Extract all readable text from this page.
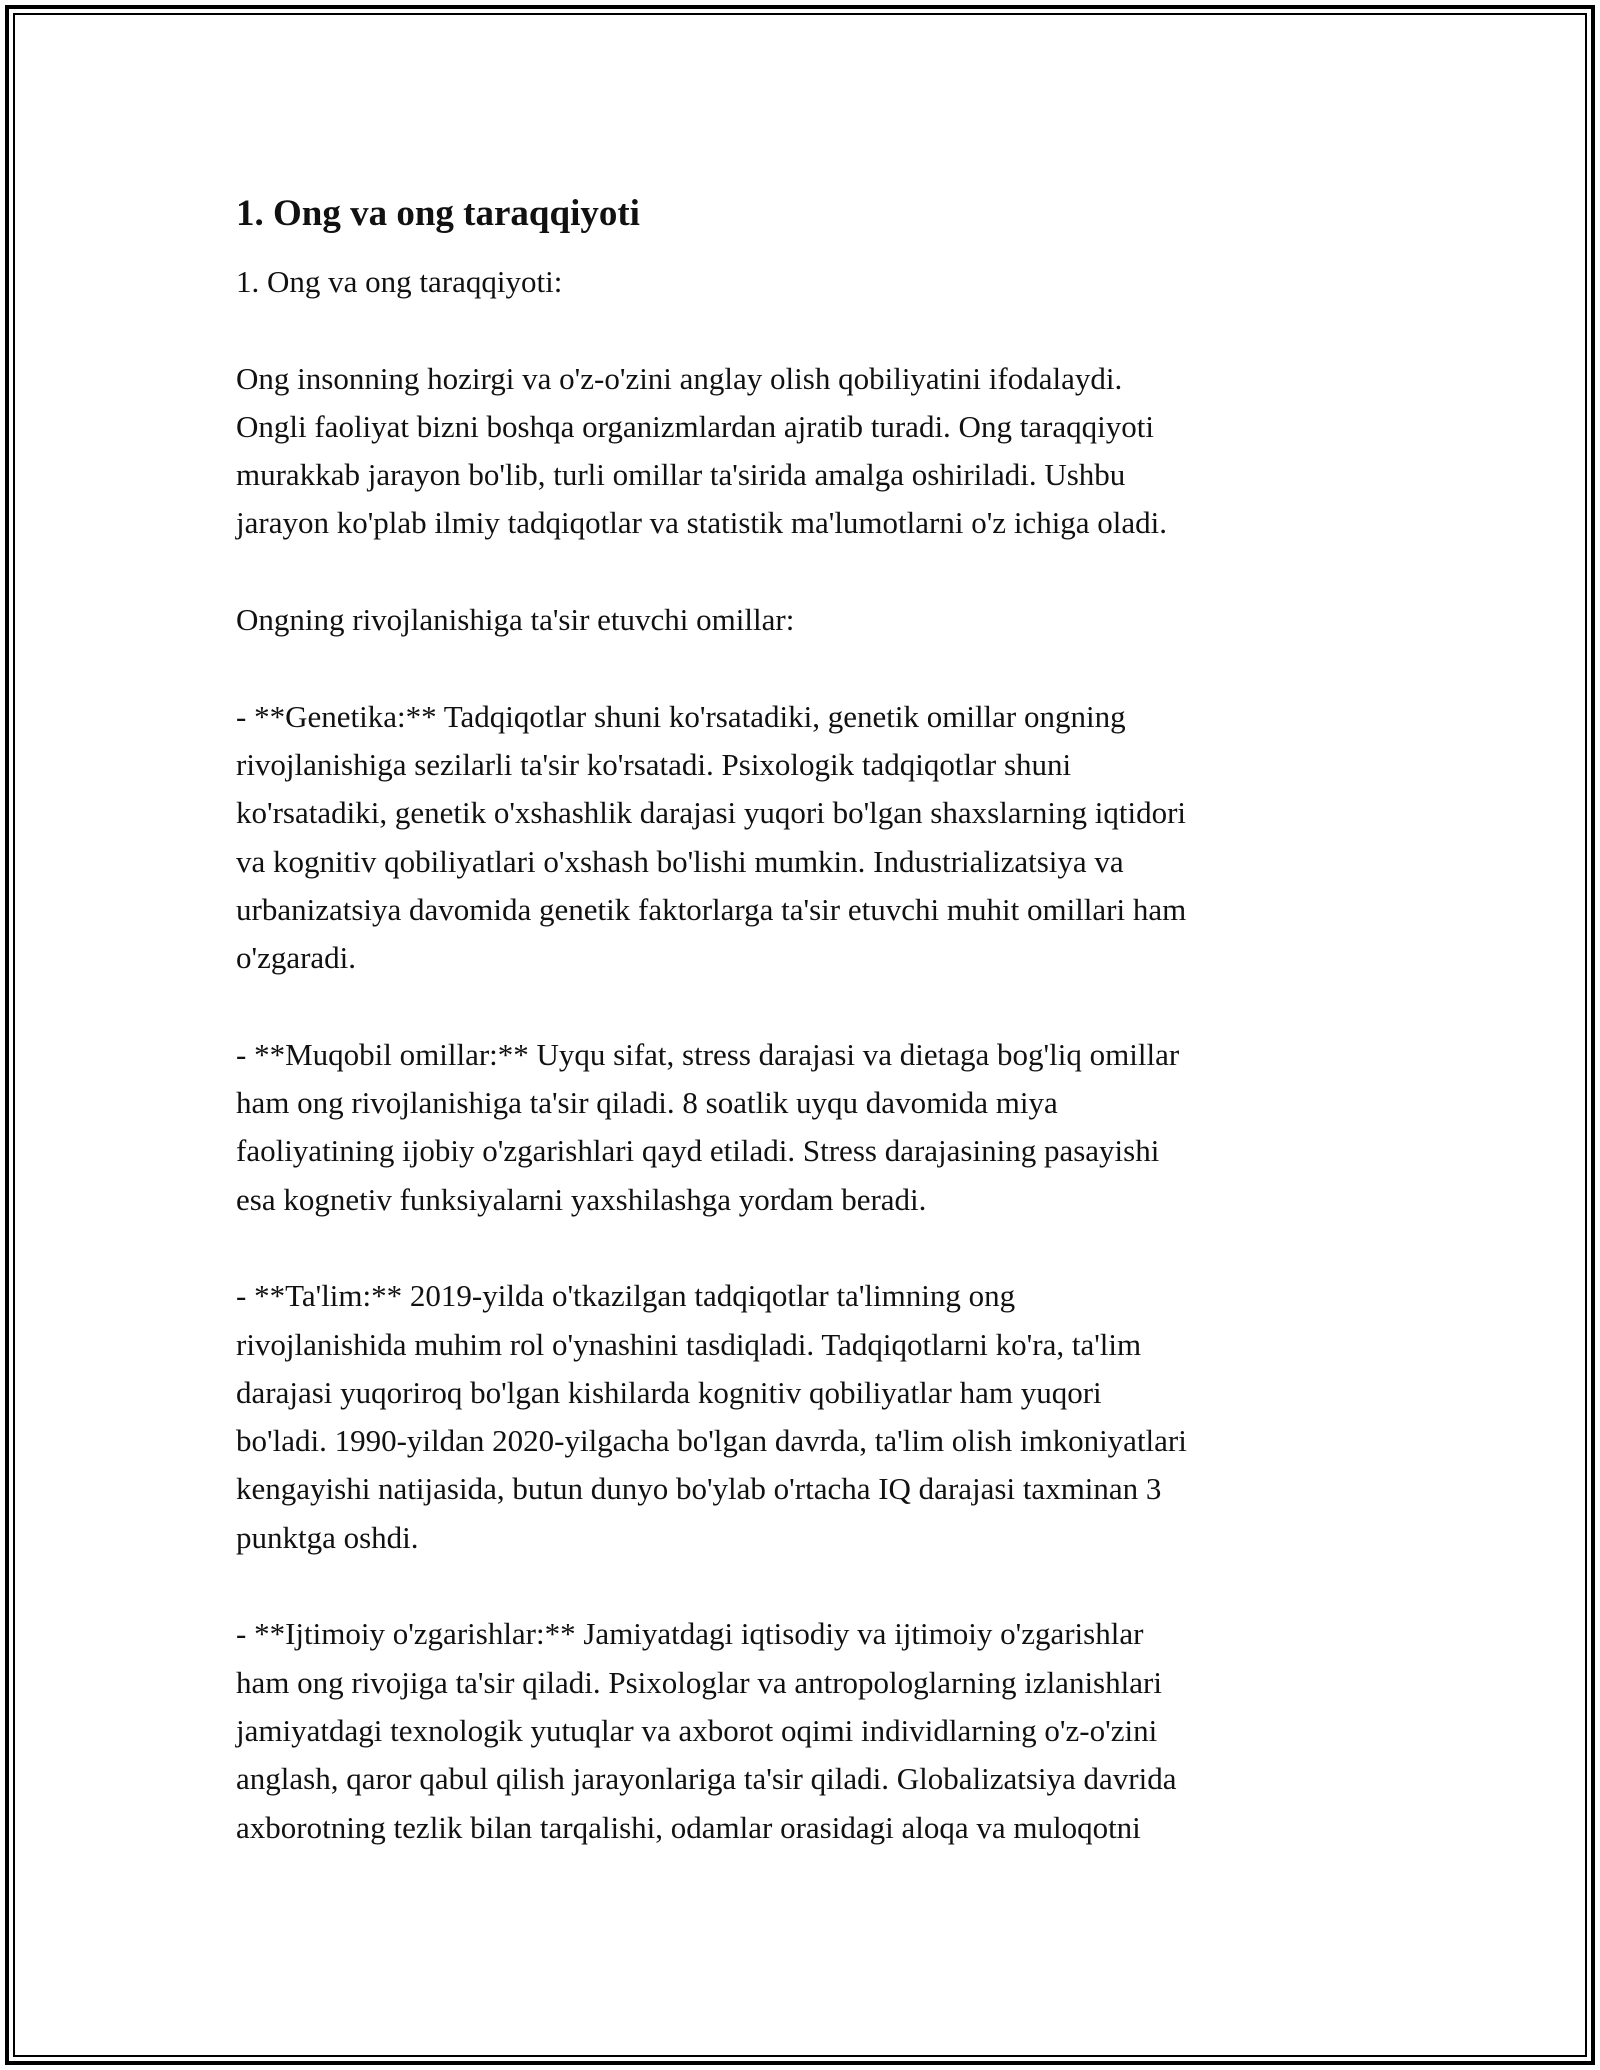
1. Ong va ong taraqqiyoti

1. Ong va ong taraqqiyoti:

Ong insonning hozirgi va o'z-o'zini anglay olish qobiliyatini ifodalaydi.
Ongli faoliyat bizni boshqa organizmlardan ajratib turadi. Ong taraqqiyoti
murakkab jarayon bo'lib, turli omillar ta'sirida amalga oshiriladi. Ushbu
jarayon ko'plab ilmiy tadqiqotlar va statistik ma'lumotlarni o'z ichiga oladi.

Ongning rivojlanishiga ta'sir etuvchi omillar:

- **Genetika:** Tadqiqotlar shuni ko'rsatadiki, genetik omillar ongning
rivojlanishiga sezilarli ta'sir ko'rsatadi. Psixologik tadqiqotlar shuni
ko'rsatadiki, genetik o'xshashlik darajasi yuqori bo'lgan shaxslarning iqtidori
va kognitiv qobiliyatlari o'xshash bo'lishi mumkin. Industrializatsiya va
urbanizatsiya davomida genetik faktorlarga ta'sir etuvchi muhit omillari ham
o'zgaradi.

- **Muqobil omillar:** Uyqu sifat, stress darajasi va dietaga bog'liq omillar
ham ong rivojlanishiga ta'sir qiladi. 8 soatlik uyqu davomida miya
faoliyatining ijobiy o'zgarishlari qayd etiladi. Stress darajasining pasayishi
esa kognetiv funksiyalarni yaxshilashga yordam beradi.

- **Ta'lim:** 2019-yilda o'tkazilgan tadqiqotlar ta'limning ong
rivojlanishida muhim rol o'ynashini tasdiqladi. Tadqiqotlarni ko'ra, ta'lim
darajasi yuqoriroq bo'lgan kishilarda kognitiv qobiliyatlar ham yuqori
bo'ladi. 1990-yildan 2020-yilgacha bo'lgan davrda, ta'lim olish imkoniyatlari
kengayishi natijasida, butun dunyo bo'ylab o'rtacha IQ darajasi taxminan 3
punktga oshdi.

- **Ijtimoiy o'zgarishlar:** Jamiyatdagi iqtisodiy va ijtimoiy o'zgarishlar
ham ong rivojiga ta'sir qiladi. Psixologlar va antropologlarning izlanishlari
jamiyatdagi texnologik yutuqlar va axborot oqimi individlarning o'z-o'zini
anglash, qaror qabul qilish jarayonlariga ta'sir qiladi. Globalizatsiya davrida
axborotning tezlik bilan tarqalishi, odamlar orasidagi aloqa va muloqotni
